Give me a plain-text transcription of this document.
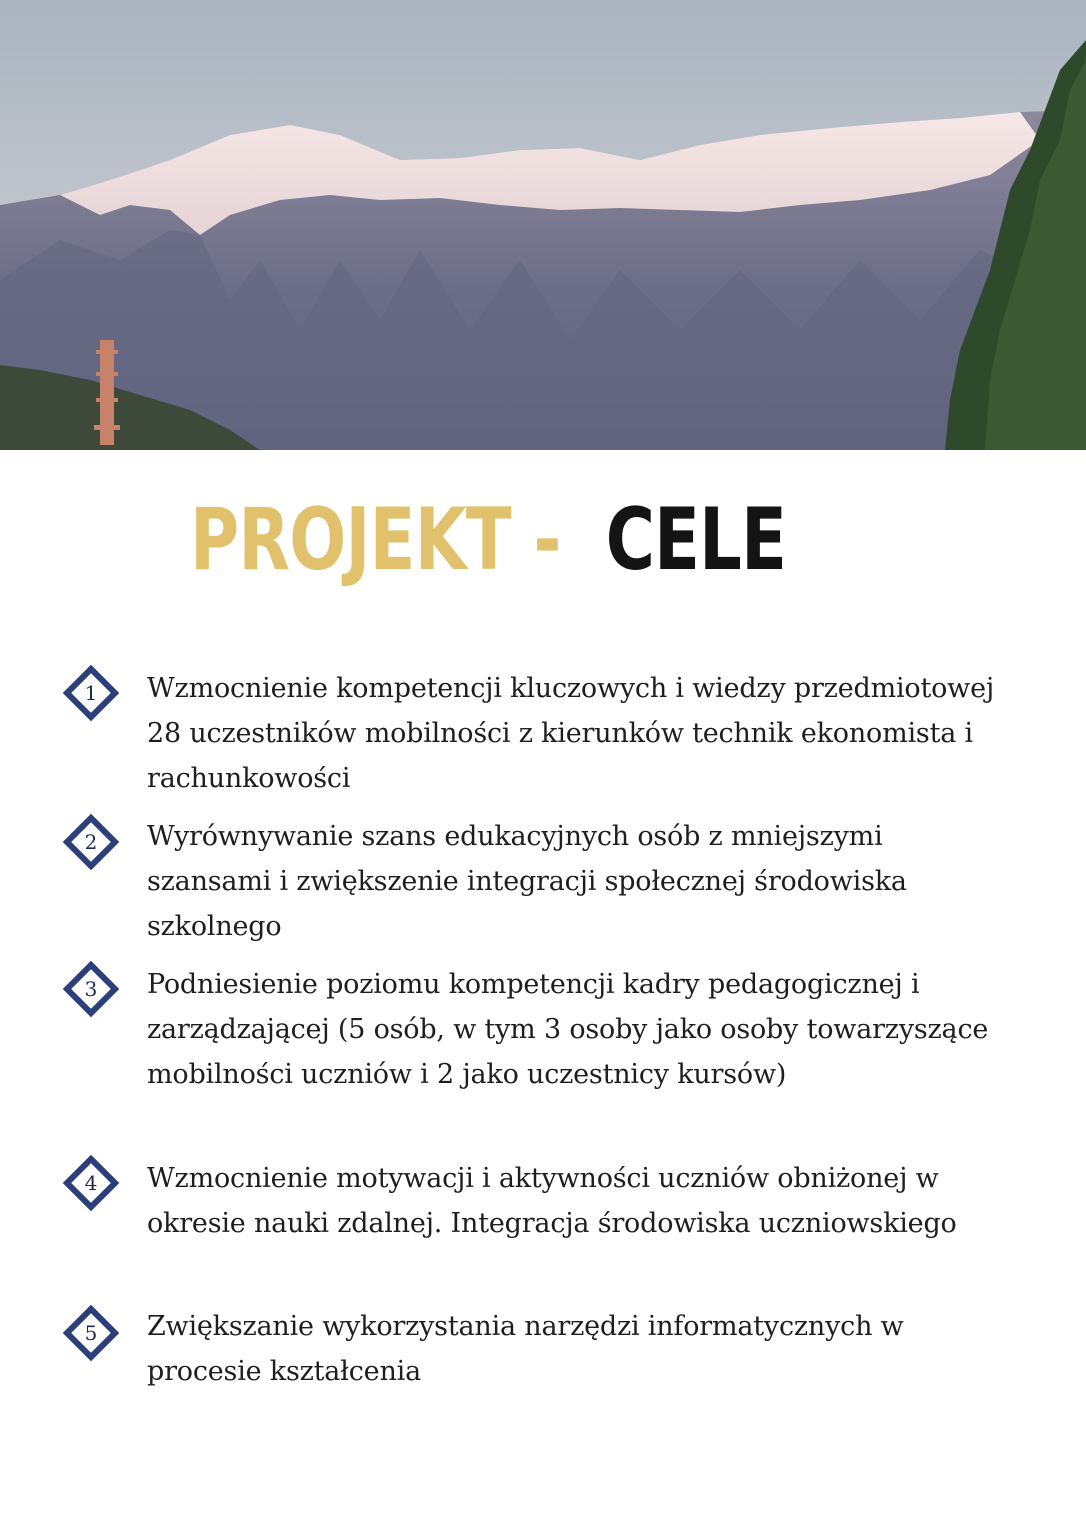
PROJEKT - CELE
1	Wzmocnienie kompetencji kluczowych i wiedzy przedmiotowej 28 uczestników mobilności z kierunków technik ekonomista i rachunkowości
2	Wyrównywanie szans edukacyjnych osób z mniejszymi szansami i zwiększenie integracji społecznej środowiska szkolnego
3	Podniesienie poziomu kompetencji kadry pedagogicznej i zarządzającej (5 osób, w tym 3 osoby jako osoby towarzyszące mobilności uczniów i 2 jako uczestnicy kursów)
4	Wzmocnienie motywacji i aktywności uczniów obniżonej w okresie nauki zdalnej. Integracja środowiska uczniowskiego
5	Zwiększanie wykorzystania narzędzi informatycznych w procesie kształcenia
